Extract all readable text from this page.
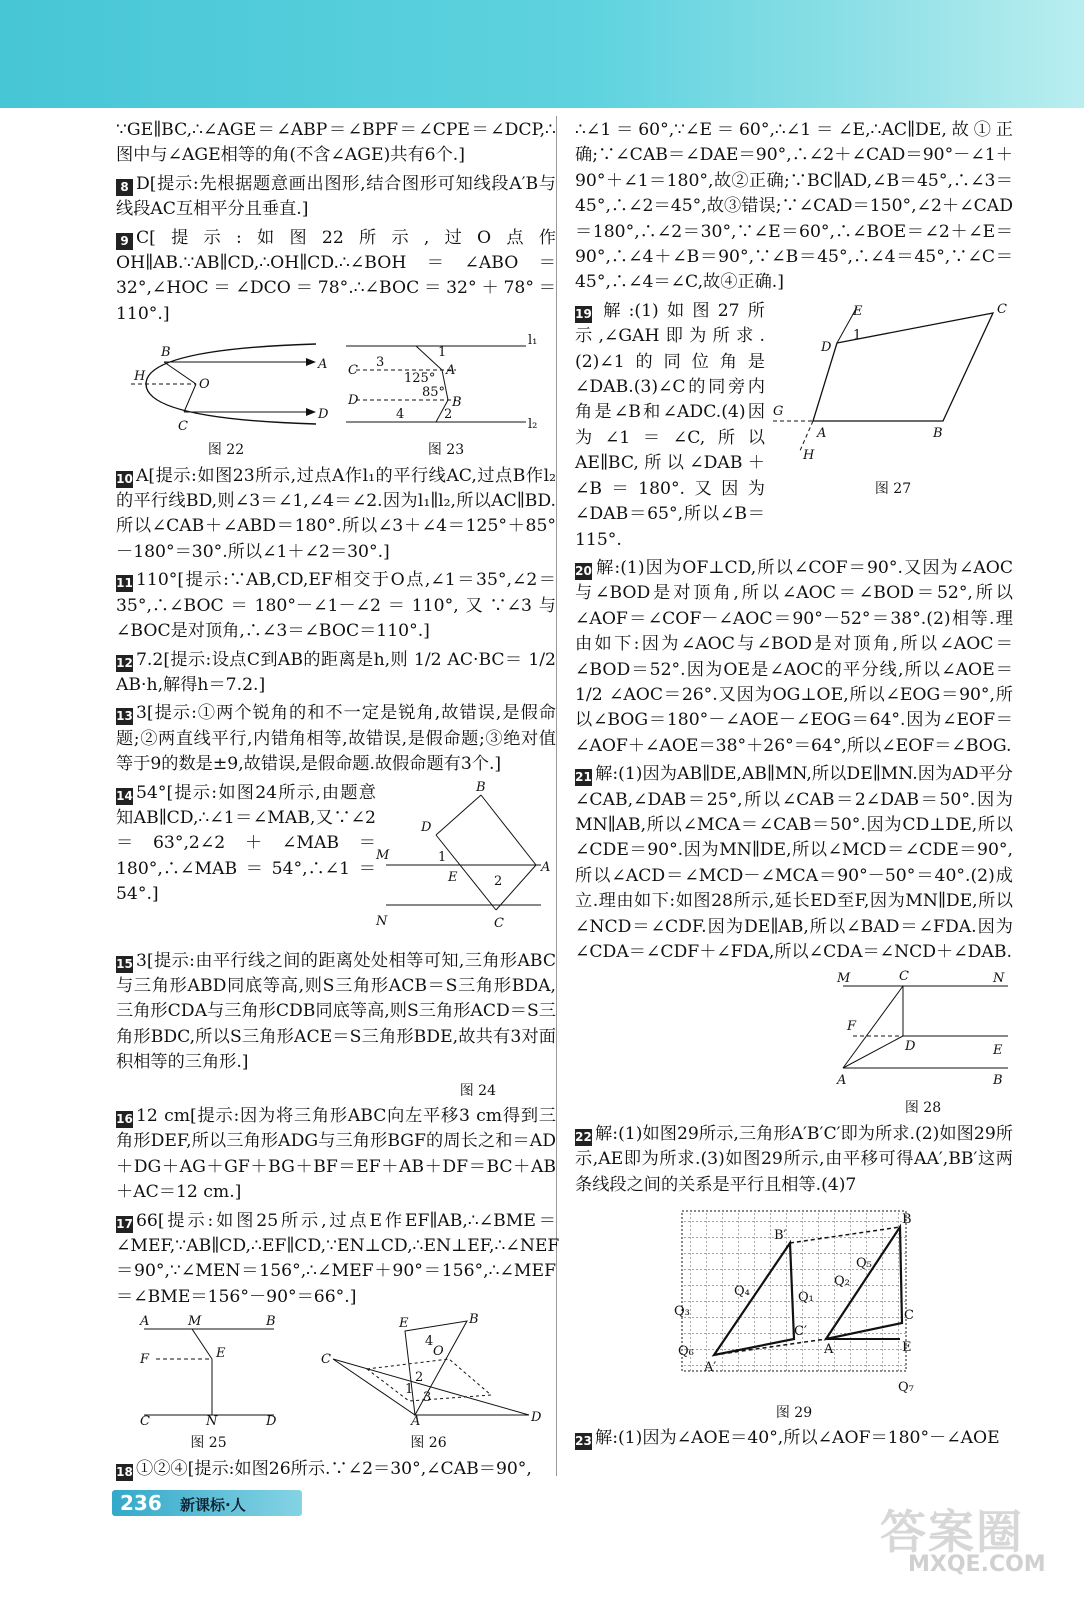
∵GE∥BC,∴∠AGE＝∠ABP＝∠BPF＝∠CPE＝∠DCP,∴图中与∠AGE相等的角(不含∠AGE)共有6个.]

8 D[提示:先根据题意画出图形,结合图形可知线段A′B与线段AC互相平分且垂直.]

9 C[提示:如图22所示,过O点作OH∥AB.∵AB∥CD,∴OH∥CD.∴∠BOH＝∠ABO＝32°,∠HOC＝∠DCO＝78°.∴∠BOC＝32°＋78°＝110°.]

H
B
O
C
A
D
图 22
l₁
l₂
C
D
A
B
3
4
125°
85°
1
2
图 23

10 A[提示:如图23所示,过点A作l₁的平行线AC,过点B作l₂的平行线BD,则∠3＝∠1,∠4＝∠2.因为l₁∥l₂,所以AC∥BD.所以∠CAB＋∠ABD＝180°.所以∠3＋∠4＝125°＋85°－180°＝30°.所以∠1＋∠2＝30°.]

11 110°[提示:∵AB,CD,EF相交于O点,∠1＝35°,∠2＝35°,∴∠BOC＝180°－∠1－∠2＝110°,又∵∠3与∠BOC是对顶角,∴∠3＝∠BOC＝110°.]

12 7.2[提示:设点C到AB的距离是h,则 1/2 AC·BC＝ 1/2 AB·h,解得h＝7.2.]

13 3[提示:①两个锐角的和不一定是锐角,故错误,是假命题;②两直线平行,内错角相等,故错误,是假命题;③绝对值等于9的数是±9,故错误,是假命题.故假命题有3个.]

14 54°[提示:如图24所示,由题意知AB∥CD,∴∠1＝∠MAB,又∵∠2＝63°,2∠2＋∠MAB＝180°,∴∠MAB＝54°,∴∠1＝54°.]

B
D
M
A
N	C
E
1
2

15 3[提示:由平行线之间的距离处处相等可知,三角形ABC与三角形ABD同底等高,则S三角形ACB＝S三角形BDA,三角形CDA与三角形CDB同底等高,则S三角形ACD＝S三角形BDC,所以S三角形ACE＝S三角形BDE,故共有3对面积相等的三角形.]

图 24

16 12 cm[提示:因为将三角形ABC向左平移3 cm得到三角形DEF,所以三角形ADG与三角形BGF的周长之和＝AD＋DG＋AG＋GF＋BG＋BF＝EF＋AB＋DF＝BC＋AB＋AC＝12 cm.]

17 66[提示:如图25所示,过点E作EF∥AB,∴∠BME＝∠MEF,∵AB∥CD,∴EF∥CD,∵EN⊥CD,∴EN⊥EF,∴∠NEF＝90°,∵∠MEN＝156°,∴∠MEF＋90°＝156°,∴∠MEF＝∠BME＝156°－90°＝66°.]

A	M	B
F	E
C	N	D
图 25
C
E	B
O
A	D
1
2
3
4
图 26

18 ①②④[提示:如图26所示.∵∠2＝30°,∠CAB＝90°,

∴∠1＝60°,∵∠E＝60°,∴∠1＝∠E,∴AC∥DE,故①正确;∵∠CAB＝∠DAE＝90°,∴∠2＋∠CAD＝90°－∠1＋90°＋∠1＝180°,故②正确;∵BC∥AD,∠B＝45°,∴∠3＝45°,∴∠2＝45°,故③错误;∵∠CAD＝150°,∠2＋∠CAD＝180°,∴∠2＝30°,∵∠E＝60°,∴∠BOE＝∠2＋∠E＝90°,∴∠4＋∠B＝90°,∵∠B＝45°,∴∠4＝45°,∵∠C＝45°,∴∠4＝∠C,故④正确.]

19 解:(1)如图27所示,∠GAH即为所求.(2)∠1的同位角是∠DAB.(3)∠C的同旁内角是∠B和∠ADC.(4)因为∠1＝∠C,所以AE∥BC,所以∠DAB＋∠B＝180°.又因为∠DAB＝65°,所以∠B＝115°.

E	C
D
1
G
A	B
H
图 27

20 解:(1)因为OF⊥CD,所以∠COF＝90°.又因为∠AOC与∠BOD是对顶角,所以∠AOC＝∠BOD＝52°,所以∠AOF＝∠COF－∠AOC＝90°－52°＝38°.(2)相等.理由如下:因为∠AOC与∠BOD是对顶角,所以∠AOC＝∠BOD＝52°.因为OE是∠AOC的平分线,所以∠AOE＝ 1/2 ∠AOC＝26°.又因为OG⊥OE,所以∠EOG＝90°,所以∠BOG＝180°－∠AOE－∠EOG＝64°.因为∠EOF＝∠AOF＋∠AOE＝38°＋26°＝64°,所以∠EOF＝∠BOG.

21 解:(1)因为AB∥DE,AB∥MN,所以DE∥MN.因为AD平分∠CAB,∠DAB＝25°,所以∠CAB＝2∠DAB＝50°.因为MN∥AB,所以∠MCA＝∠CAB＝50°.因为CD⊥DE,所以∠CDE＝90°.因为MN∥DE,所以∠MCD＝∠CDE＝90°,所以∠ACD＝∠MCD－∠MCA＝90°－50°＝40°.(2)成立.理由如下:如图28所示,延长ED至F,因为MN∥DE,所以∠NCD＝∠CDF.因为DE∥AB,所以∠BAD＝∠FDA.因为∠CDA＝∠CDF＋∠FDA,所以∠CDA＝∠NCD＋∠DAB.

M	C	N
F
D	E
A	B
图 28

22 解:(1)如图29所示,三角形A′B′C′即为所求.(2)如图29所示,AE即为所求.(3)如图29所示,由平移可得AA′,BB′这两条线段之间的关系是平行且相等.(4)7

B′
B
C′
C
A′
A	E
Q₃
Q₆
Q₄	Q₁
Q₂
Q₅
Q₇
图 29

23 解:(1)因为∠AOE＝40°,所以∠AOF＝180°－∠AOE

236 新课标·人	答案圈
MXQE.COM
